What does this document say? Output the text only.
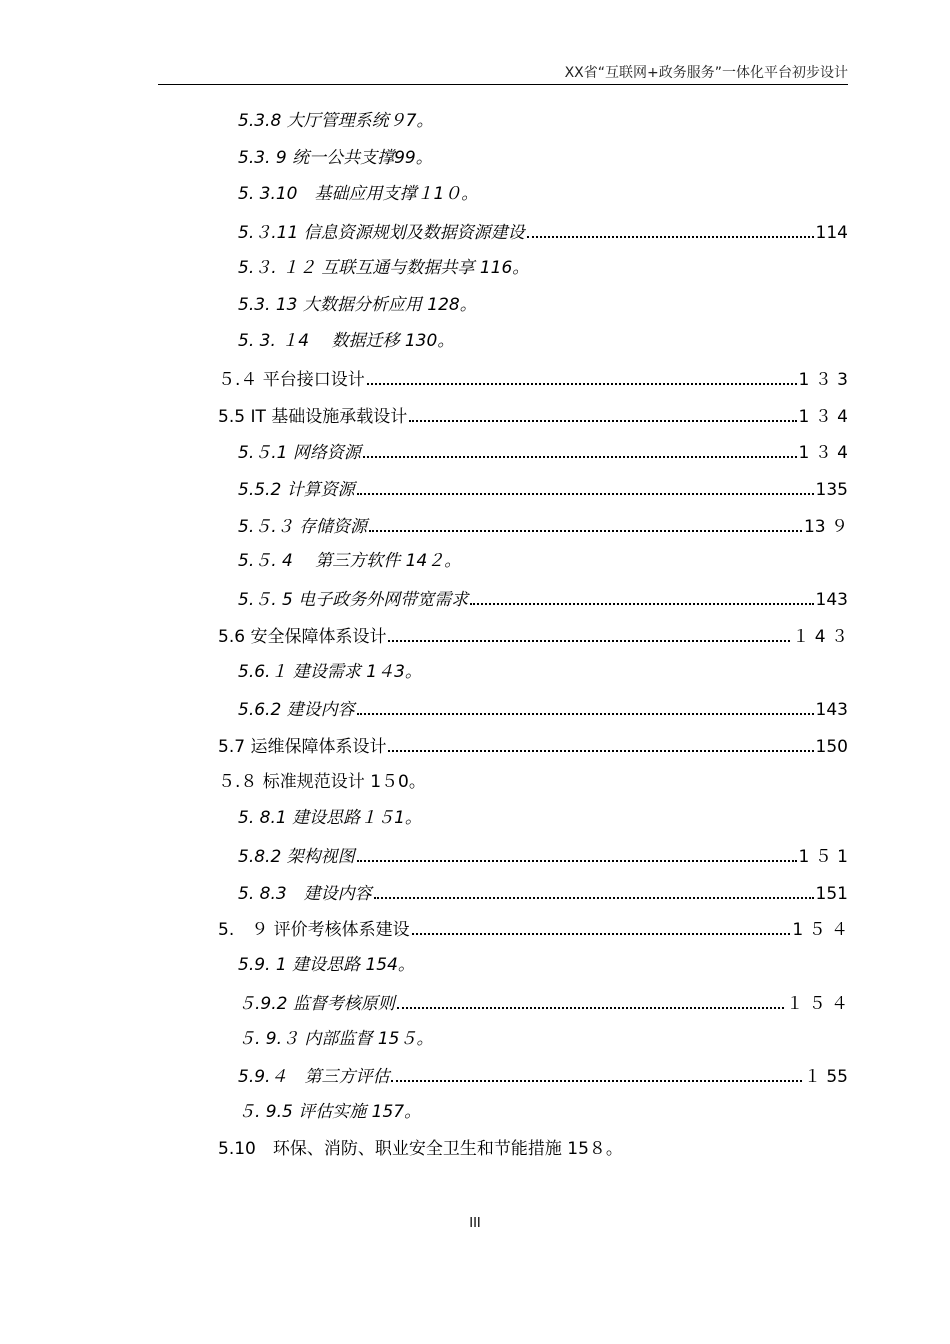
XX省“互联网+政务服务”一体化平台初步设计
5.3.8 大厅管理系统９7。
5.3. 9 统一公共支撑99。
5. 3.10　基础应用支撑１1０。
5.３.11 信息资源规划及数据资源建设	114
5.３. １２ 互联互通与数据共享 116。
5.3. 13 大数据分析应用 128。
5. 3. １4　 数据迁移 130。
５.４ 平台接口设计	1 ３ 3
5.5 IT 基础设施承载设计	1 ３ 4
5.５.1 网络资源	1 ３ 4
5.5.2 计算资源	135
5.５.３ 存储资源	13 ９
5.５. 4　 第三方软件 14２。
5.５. 5 电子政务外网带宽需求	143
5.6 安全保障体系设计	１ 4 ３
5.6.１ 建设需求 1４3。
5.6.2 建设内容	143
5.7 运维保障体系设计	150
５.８ 标准规范设计 1５0。
5. 8.1 建设思路１５1。
5.8.2 架构视图	1 ５ 1
5. 8.3　建设内容	151
5.　９ 评价考核体系建设	1 ５ ４
5.9. 1 建设思路 154。
５.9.2 监督考核原则	１ ５ ４
５. 9.３ 内部监督 15５。
5.9.４　第三方评估	１ 55
５. 9.5 评估实施 157。
5.10　环保、消防、职业安全卫生和节能措施 15８。
III
